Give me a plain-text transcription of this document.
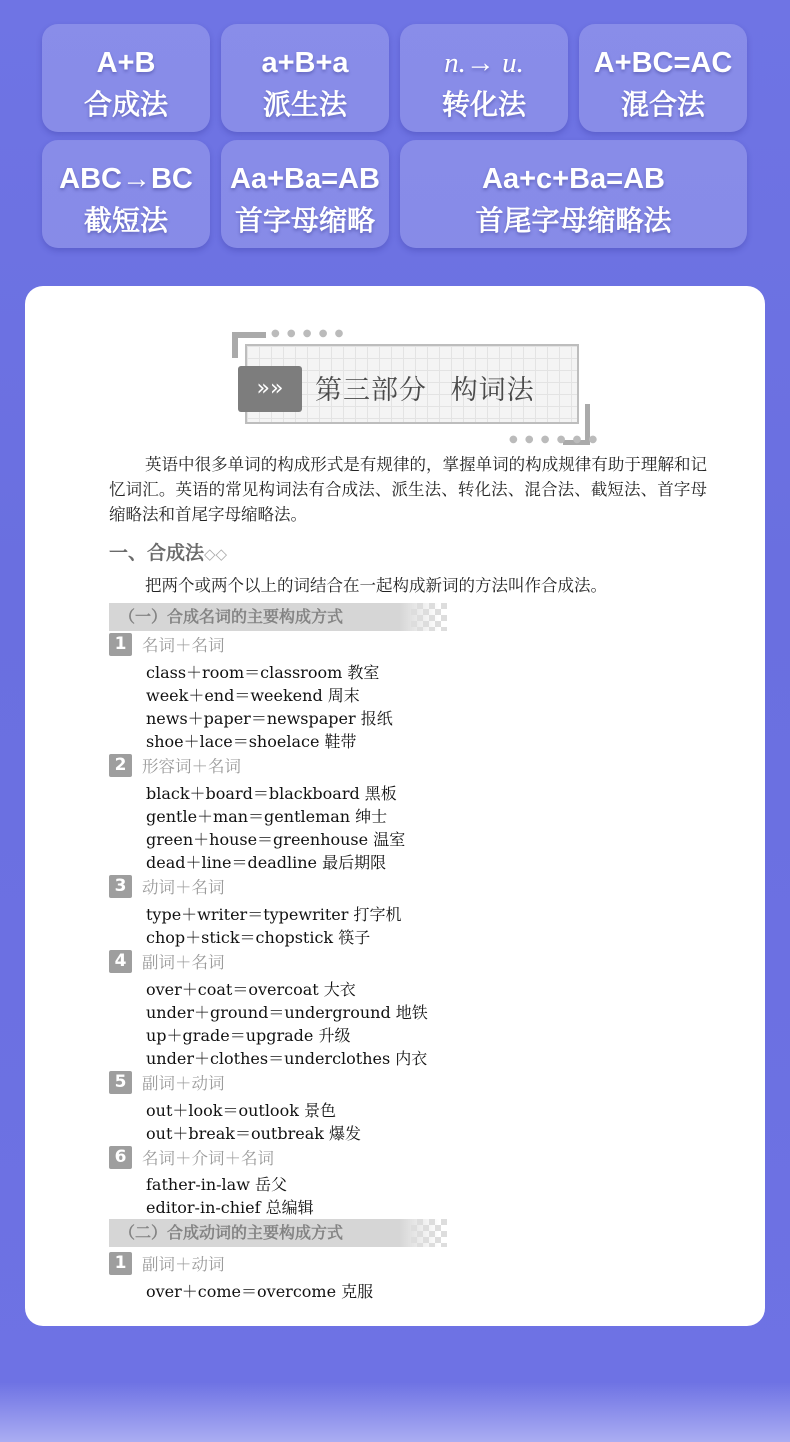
A+B
合成法
a+B+a
派生法
n.→ u.
转化法
A+BC=AC
混合法
ABC→BC
截短法
Aa+Ba=AB
首字母缩略
Aa+c+Ba=AB
首尾字母缩略法
● ● ● ● ●
● ● ● ● ● ●
»»	第三部分 构词法
英语中很多单词的构成形式是有规律的，掌握单词的构成规律有助于理解和记忆词汇。英语的常见构词法有合成法、派生法、转化法、混合法、截短法、首字母缩略法和首尾字母缩略法。
一、合成法◇◇
把两个或两个以上的词结合在一起构成新词的方法叫作合成法。
（一）合成名词的主要构成方式
1 名词＋名词
class＋room＝classroom 教室
week＋end＝weekend 周末
news＋paper＝newspaper 报纸
shoe＋lace＝shoelace 鞋带
2 形容词＋名词
black＋board＝blackboard 黑板
gentle＋man＝gentleman 绅士
green＋house＝greenhouse 温室
dead＋line＝deadline 最后期限
3 动词＋名词
type＋writer＝typewriter 打字机
chop＋stick＝chopstick 筷子
4 副词＋名词
over＋coat＝overcoat 大衣
under＋ground＝underground 地铁
up＋grade＝upgrade 升级
under＋clothes＝underclothes 内衣
5 副词＋动词
out＋look＝outlook 景色
out＋break＝outbreak 爆发
6 名词＋介词＋名词
father-in-law 岳父
editor-in-chief 总编辑
（二）合成动词的主要构成方式
1 副词＋动词
over＋come＝overcome 克服
